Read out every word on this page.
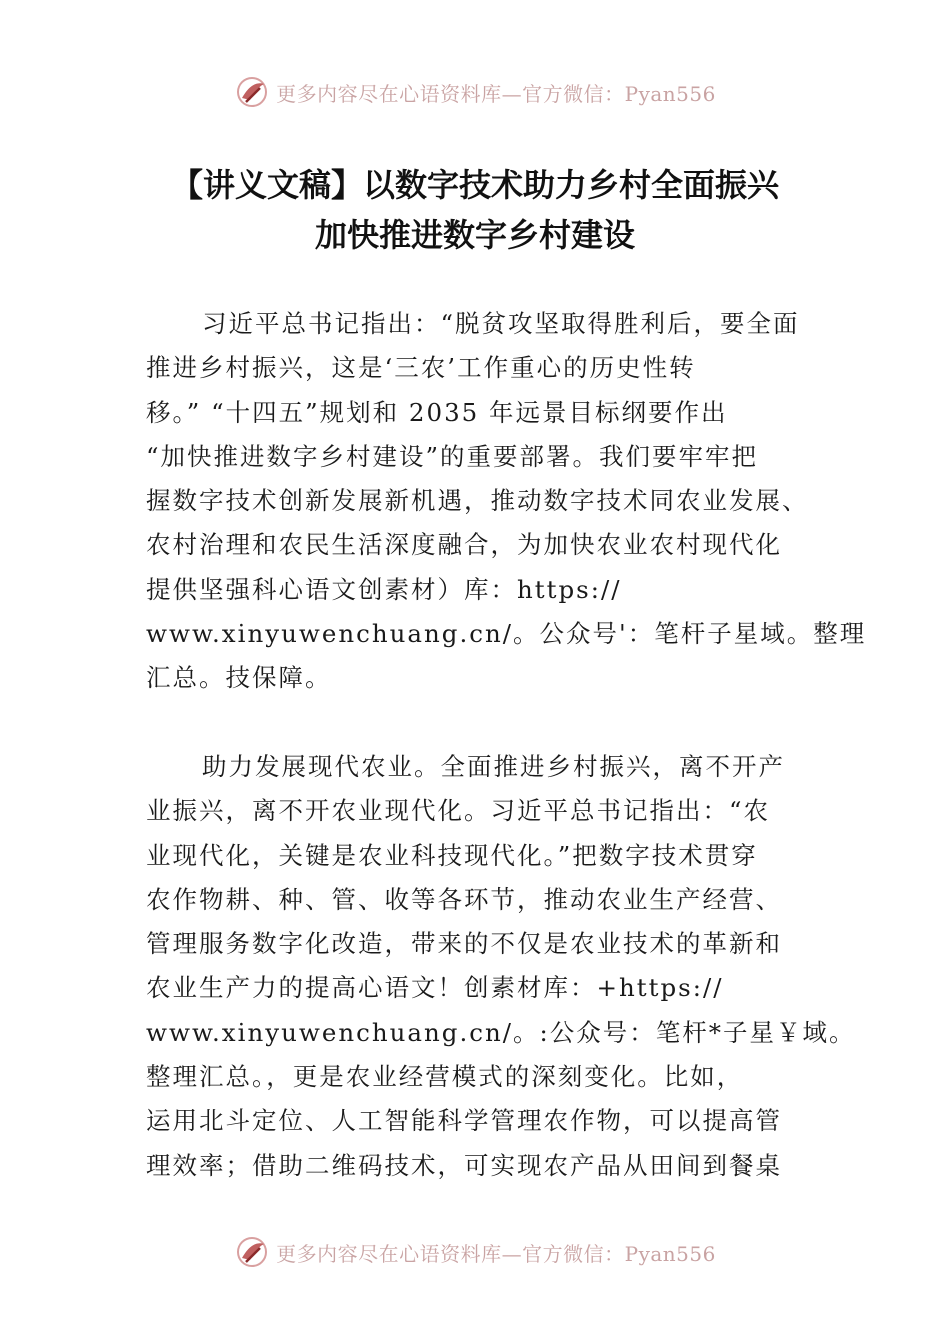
更多内容尽在心语资料库—官方微信：Pyan556
【讲义文稿】以数字技术助力乡村全面振兴
加快推进数字乡村建设
习近平总书记指出：“脱贫攻坚取得胜利后，要全面
推进乡村振兴，这是‘三农’工作重心的历史性转
移。” “十四五”规划和 2035 年远景目标纲要作出
“加快推进数字乡村建设”的重要部署。我们要牢牢把
握数字技术创新发展新机遇，推动数字技术同农业发展、
农村治理和农民生活深度融合，为加快农业农村现代化
提供坚强科心语文创素材）库：https://
www.xinyuwenchuang.cn/。公众号'：笔杆子星域。整理
汇总。技保障。
助力发展现代农业。全面推进乡村振兴，离不开产
业振兴，离不开农业现代化。习近平总书记指出：“农
业现代化，关键是农业科技现代化。”把数字技术贯穿
农作物耕、种、管、收等各环节，推动农业生产经营、
管理服务数字化改造，带来的不仅是农业技术的革新和
农业生产力的提高心语文！创素材库：+https://
www.xinyuwenchuang.cn/。:公众号：笔杆*子星￥域。
整理汇总。，更是农业经营模式的深刻变化。比如，
运用北斗定位、人工智能科学管理农作物，可以提高管
理效率；借助二维码技术，可实现农产品从田间到餐桌
更多内容尽在心语资料库—官方微信：Pyan556
